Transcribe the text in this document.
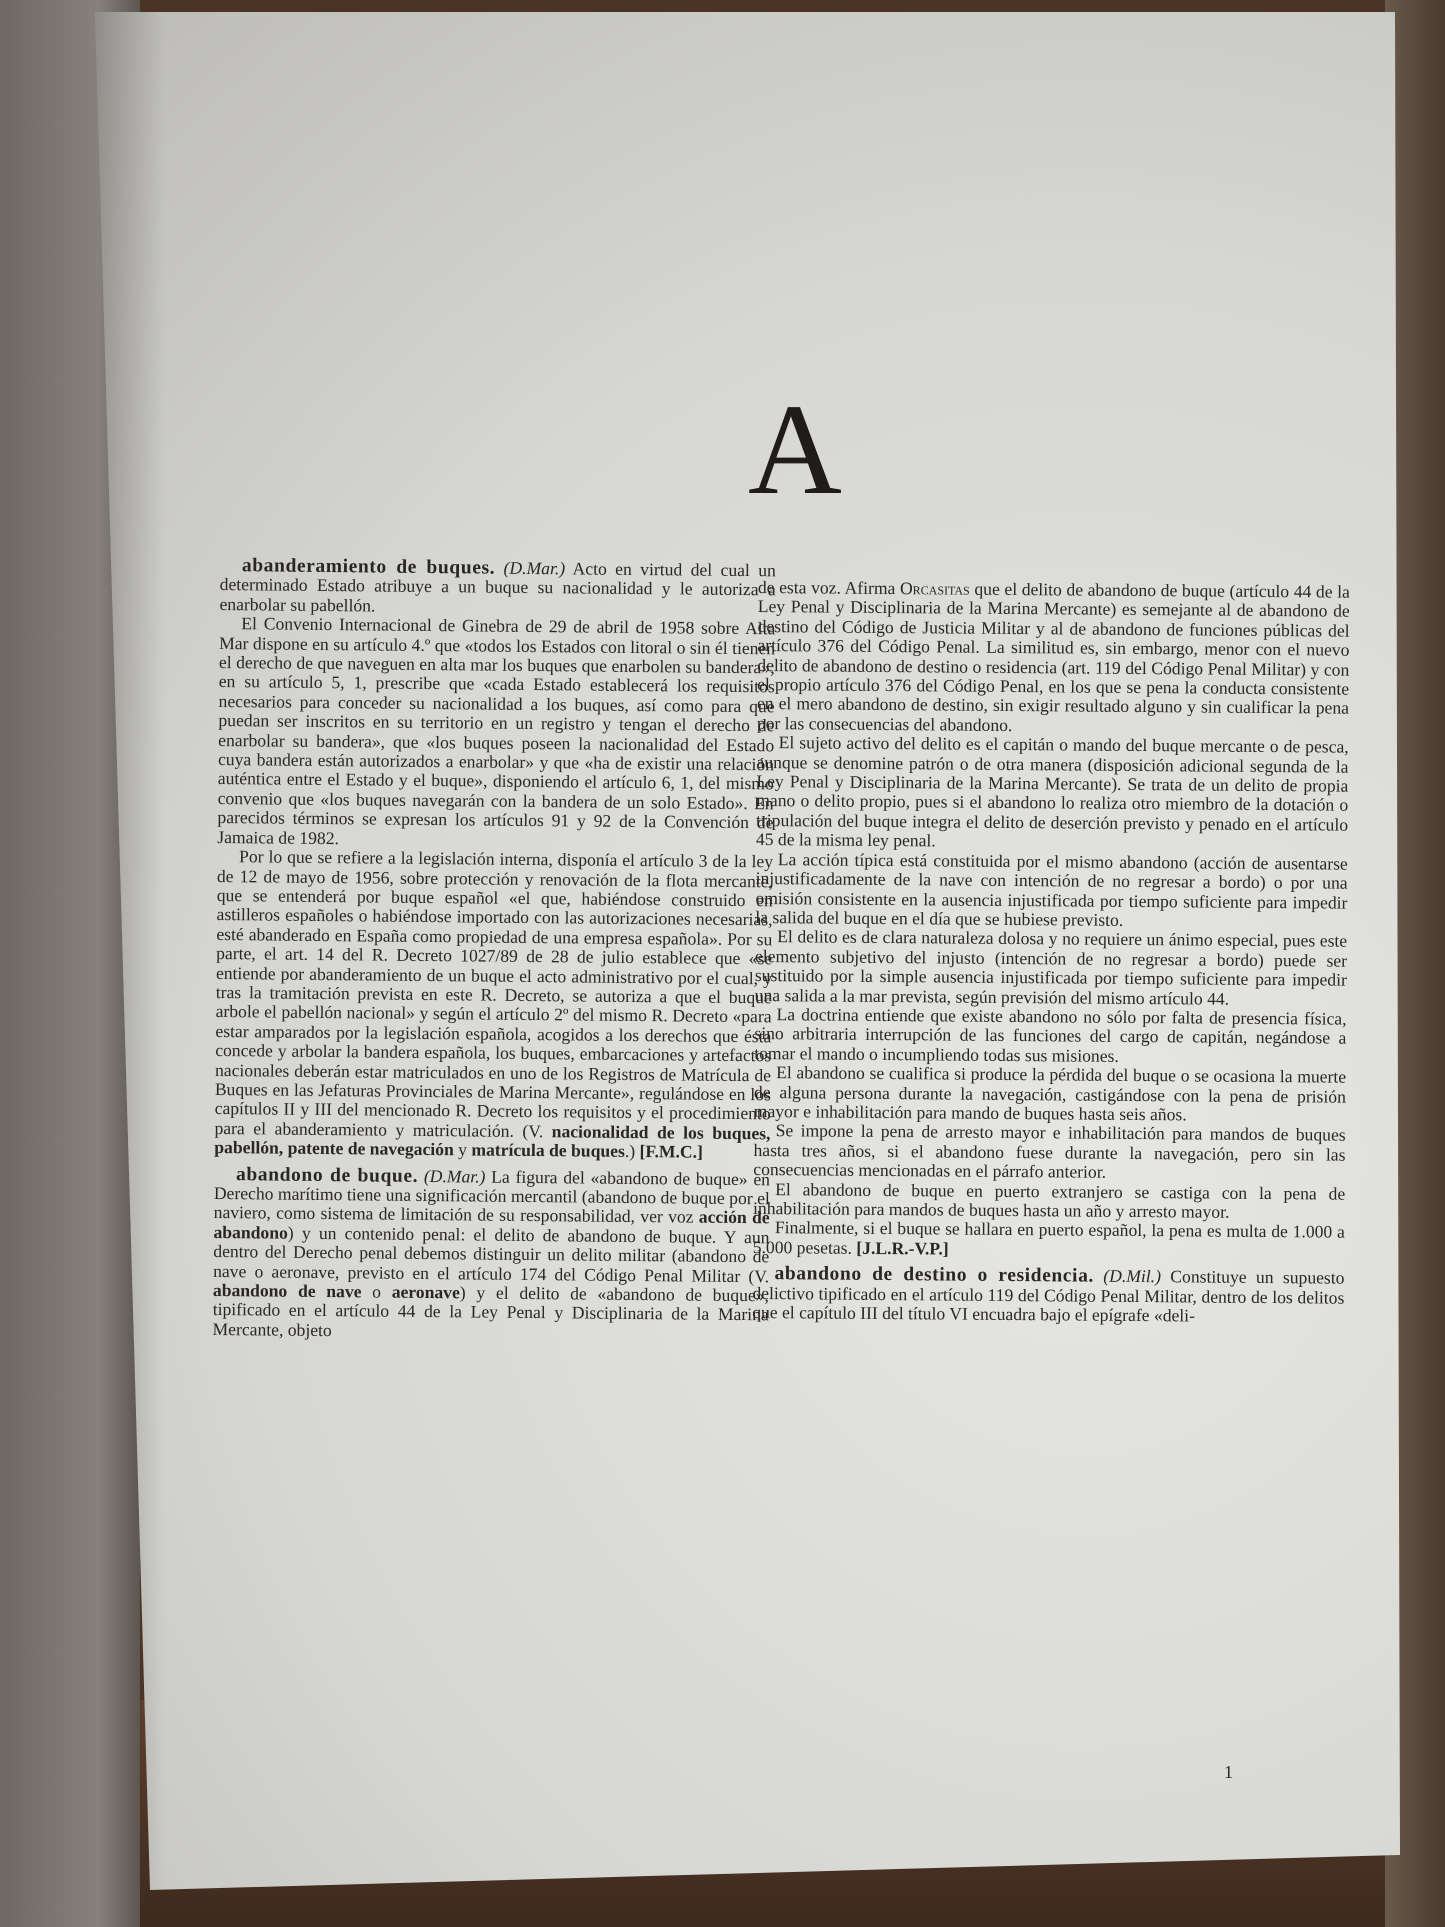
A

abanderamiento de buques. (D.Mar.) Acto en virtud del cual un determinado Estado atribuye a un buque su nacionalidad y le autoriza a enarbolar su pabellón.

El Convenio Internacional de Ginebra de 29 de abril de 1958 sobre Alta Mar dispone en su artículo 4.º que «todos los Estados con litoral o sin él tienen el derecho de que naveguen en alta mar los buques que enarbolen su bandera»; en su artículo 5, 1, prescribe que «cada Estado establecerá los requisitos necesarios para conceder su nacionalidad a los buques, así como para que puedan ser inscritos en su territorio en un registro y tengan el derecho de enarbolar su bandera», que «los buques poseen la nacionalidad del Estado cuya bandera están autorizados a enarbolar» y que «ha de existir una relación auténtica entre el Estado y el buque», disponiendo el artículo 6, 1, del mismo convenio que «los buques navegarán con la bandera de un solo Estado». En parecidos términos se expresan los artículos 91 y 92 de la Convención de Jamaica de 1982.

Por lo que se refiere a la legislación interna, disponía el artículo 3 de la ley de 12 de mayo de 1956, sobre protección y renovación de la flota mercante, que se entenderá por buque español «el que, habiéndose construido en astilleros españoles o habiéndose importado con las autorizaciones necesarias, esté abanderado en España como propiedad de una empresa española». Por su parte, el art. 14 del R. Decreto 1027/89 de 28 de julio establece que «se entiende por abanderamiento de un buque el acto administrativo por el cual, y tras la tramitación prevista en este R. Decreto, se autoriza a que el buque arbole el pabellón nacional» y según el artículo 2º del mismo R. Decreto «para estar amparados por la legislación española, acogidos a los derechos que ésta concede y arbolar la bandera española, los buques, embarcaciones y artefactos nacionales deberán estar matriculados en uno de los Registros de Matrícula de Buques en las Jefaturas Provinciales de Marina Mercante», regulándose en los capítulos II y III del mencionado R. Decreto los requisitos y el procedimiento para el abanderamiento y matriculación. (V. nacionalidad de los buques, pabellón, patente de navegación y matrícula de buques.) [F.M.C.]

abandono de buque. (D.Mar.) La figura del «abandono de buque» en Derecho marítimo tiene una significación mercantil (abandono de buque por el naviero, como sistema de limitación de su responsabilidad, ver voz acción de abandono) y un contenido penal: el delito de abandono de buque. Y aun dentro del Derecho penal debemos distinguir un delito militar (abandono de nave o aeronave, previsto en el artículo 174 del Código Penal Militar (V. abandono de nave o aeronave) y el delito de «abandono de buque», tipificado en el artículo 44 de la Ley Penal y Disciplinaria de la Marina Mercante, objeto

de esta voz. Afirma Orcasitas que el delito de abandono de buque (artículo 44 de la Ley Penal y Disciplinaria de la Marina Mercante) es semejante al de abandono de destino del Código de Justicia Militar y al de abandono de funciones públicas del artículo 376 del Código Penal. La similitud es, sin embargo, menor con el nuevo delito de abandono de destino o residencia (art. 119 del Código Penal Militar) y con el propio artículo 376 del Código Penal, en los que se pena la conducta consistente en el mero abandono de destino, sin exigir resultado alguno y sin cualificar la pena por las consecuencias del abandono.

El sujeto activo del delito es el capitán o mando del buque mercante o de pesca, aunque se denomine patrón o de otra manera (disposición adicional segunda de la Ley Penal y Disciplinaria de la Marina Mercante). Se trata de un delito de propia mano o delito propio, pues si el abandono lo realiza otro miembro de la dotación o tripulación del buque integra el delito de deserción previsto y penado en el artículo 45 de la misma ley penal.

La acción típica está constituida por el mismo abandono (acción de ausentarse injustificadamente de la nave con intención de no regresar a bordo) o por una omisión consistente en la ausencia injustificada por tiempo suficiente para impedir la salida del buque en el día que se hubiese previsto.

El delito es de clara naturaleza dolosa y no requiere un ánimo especial, pues este elemento subjetivo del injusto (intención de no regresar a bordo) puede ser sustituido por la simple ausencia injustificada por tiempo suficiente para impedir una salida a la mar prevista, según previsión del mismo artículo 44.

La doctrina entiende que existe abandono no sólo por falta de presencia física, sino arbitraria interrupción de las funciones del cargo de capitán, negándose a tomar el mando o incumpliendo todas sus misiones.

El abandono se cualifica si produce la pérdida del buque o se ocasiona la muerte de alguna persona durante la navegación, castigándose con la pena de prisión mayor e inhabilitación para mando de buques hasta seis años.

Se impone la pena de arresto mayor e inhabilitación para mandos de buques hasta tres años, si el abandono fuese durante la navegación, pero sin las consecuencias mencionadas en el párrafo anterior.

El abandono de buque en puerto extranjero se castiga con la pena de inhabilitación para mandos de buques hasta un año y arresto mayor.

Finalmente, si el buque se hallara en puerto español, la pena es multa de 1.000 a 5.000 pesetas. [J.L.R.-V.P.]

abandono de destino o residencia. (D.Mil.) Constituye un supuesto delictivo tipificado en el artículo 119 del Código Penal Militar, dentro de los delitos que el capítulo III del título VI encuadra bajo el epígrafe «deli-

1
